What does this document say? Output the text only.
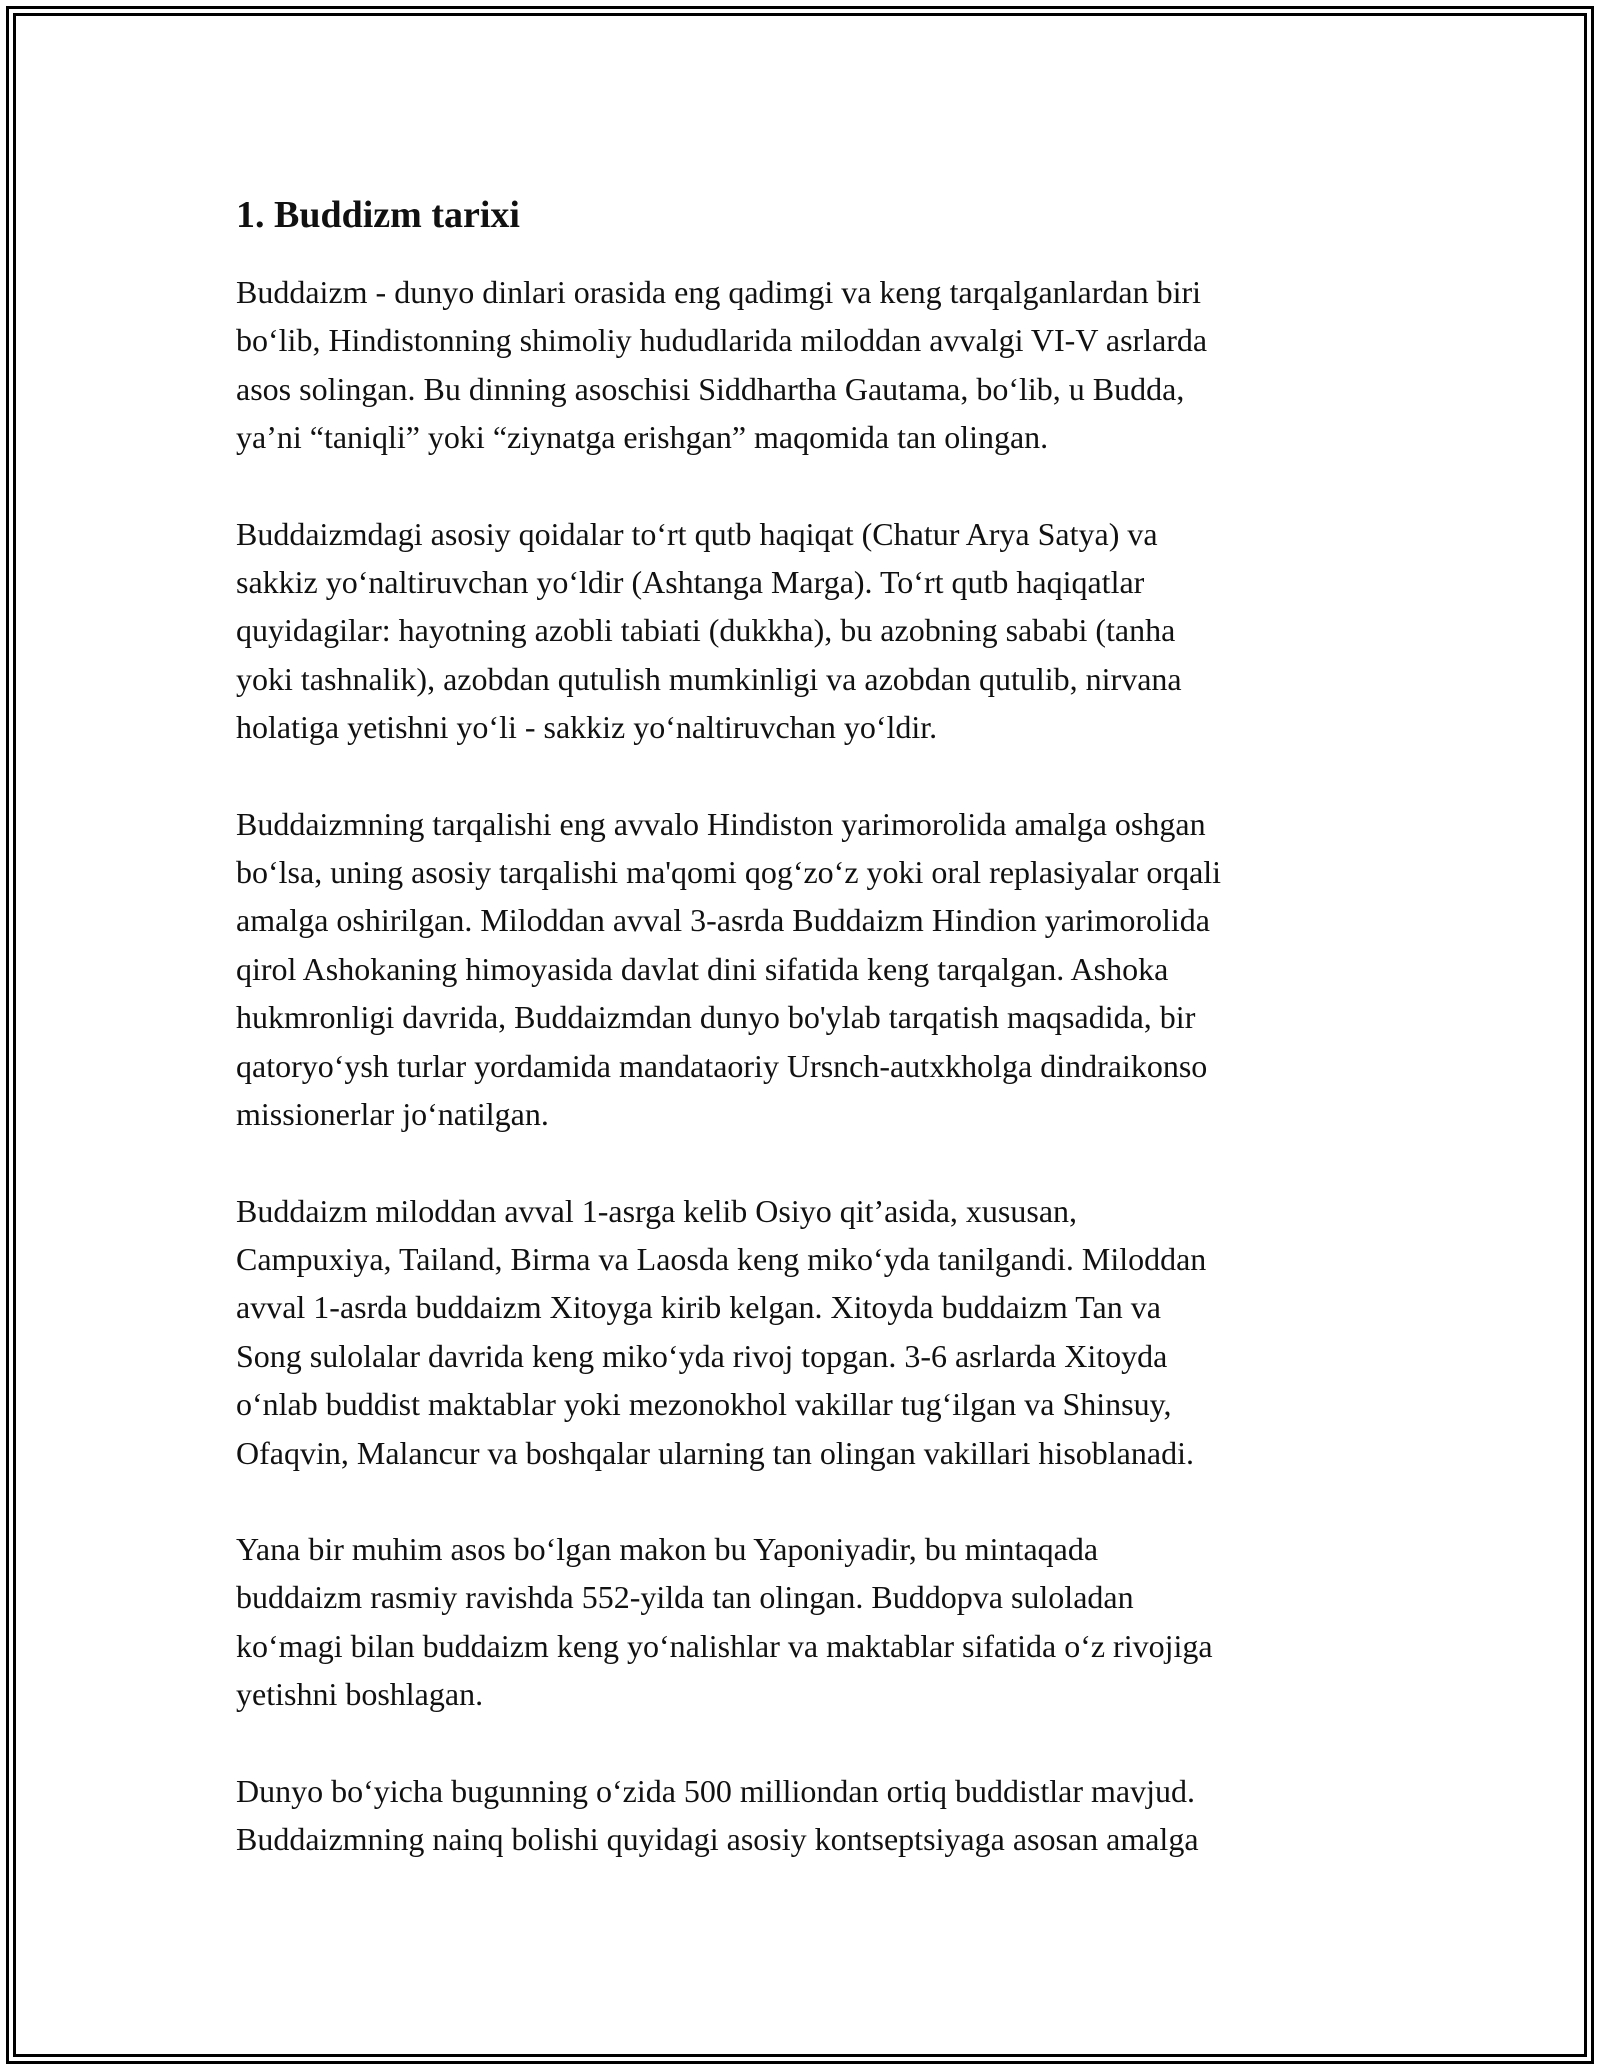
1. Buddizm tarixi

Buddaizm - dunyo dinlari orasida eng qadimgi va keng tarqalganlardan biri
bo‘lib, Hindistonning shimoliy hududlarida miloddan avvalgi VI-V asrlarda
asos solingan. Bu dinning asoschisi Siddhartha Gautama, bo‘lib, u Budda,
ya’ni “taniqli” yoki “ziynatga erishgan” maqomida tan olingan.

Buddaizmdagi asosiy qoidalar to‘rt qutb haqiqat (Chatur Arya Satya) va
sakkiz yo‘naltiruvchan yo‘ldir (Ashtanga Marga). To‘rt qutb haqiqatlar
quyidagilar: hayotning azobli tabiati (dukkha), bu azobning sababi (tanha
yoki tashnalik), azobdan qutulish mumkinligi va azobdan qutulib, nirvana
holatiga yetishni yo‘li - sakkiz yo‘naltiruvchan yo‘ldir.

Buddaizmning tarqalishi eng avvalo Hindiston yarimorolida amalga oshgan
bo‘lsa, uning asosiy tarqalishi ma'qomi qog‘zo‘z yoki oral replasiyalar orqali
amalga oshirilgan. Miloddan avval 3-asrda Buddaizm Hindion yarimorolida
qirol Ashokaning himoyasida davlat dini sifatida keng tarqalgan. Ashoka
hukmronligi davrida, Buddaizmdan dunyo bo'ylab tarqatish maqsadida, bir
qatoryo‘ysh turlar yordamida mandataoriy Ursnch-autxkholga dindraikonso
missionerlar jo‘natilgan.

Buddaizm miloddan avval 1-asrga kelib Osiyo qit’asida, xususan,
Campuxiya, Tailand, Birma va Laosda keng miko‘yda tanilgandi. Miloddan
avval 1-asrda buddaizm Xitoyga kirib kelgan. Xitoyda buddaizm Tan va
Song sulolalar davrida keng miko‘yda rivoj topgan. 3-6 asrlarda Xitoyda
o‘nlab buddist maktablar yoki mezonokhol vakillar tug‘ilgan va Shinsuy,
Ofaqvin, Malancur va boshqalar ularning tan olingan vakillari hisoblanadi.

Yana bir muhim asos bo‘lgan makon bu Yaponiyadir, bu mintaqada
buddaizm rasmiy ravishda 552-yilda tan olingan. Buddopva suloladan
ko‘magi bilan buddaizm keng yo‘nalishlar va maktablar sifatida o‘z rivojiga
yetishni boshlagan.

Dunyo bo‘yicha bugunning o‘zida 500 milliondan ortiq buddistlar mavjud.
Buddaizmning nainq bolishi quyidagi asosiy kontseptsiyaga asosan amalga
